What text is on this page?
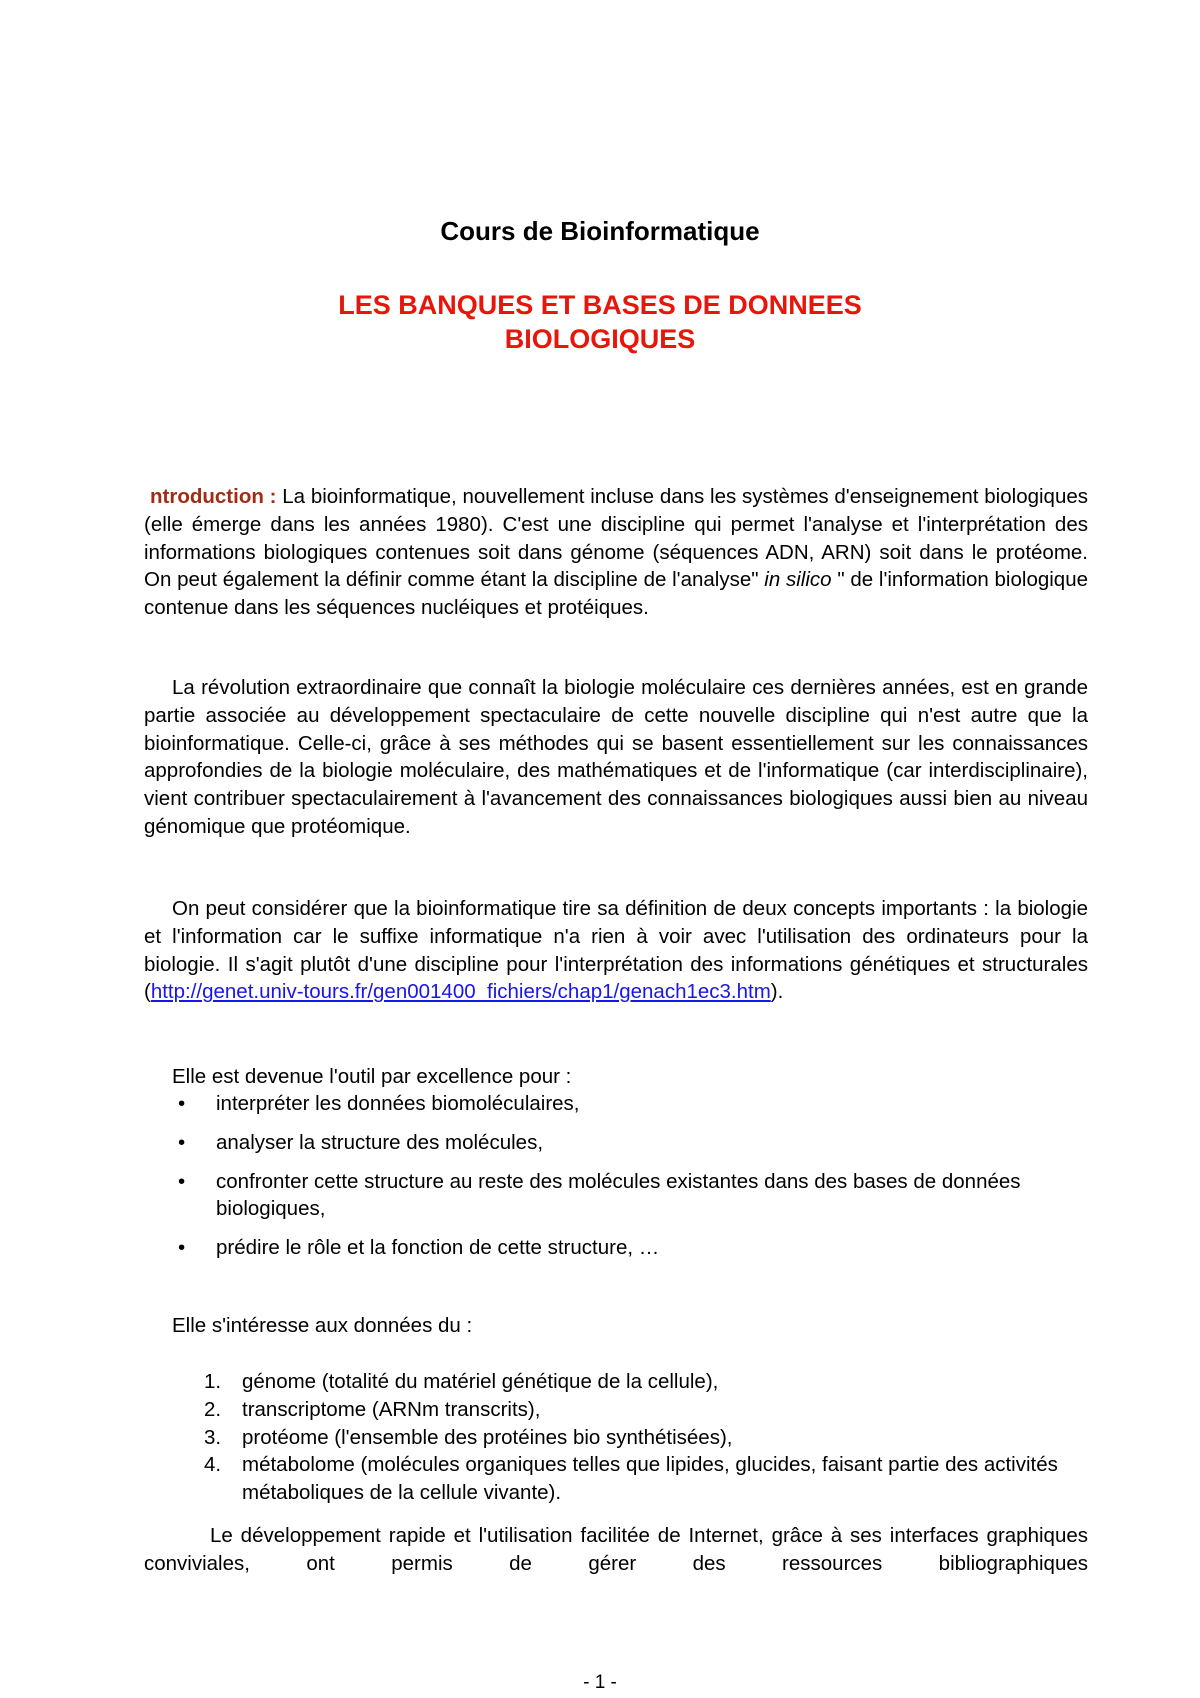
Cours de Bioinformatique
LES BANQUES ET BASES DE DONNEES
BIOLOGIQUES

ntroduction : La bioinformatique, nouvellement incluse dans les systèmes d'enseignement biologiques (elle émerge dans les années 1980). C'est une discipline qui permet l'analyse et l'interprétation des informations biologiques contenues soit dans génome (séquences ADN, ARN) soit dans le protéome. On peut également la définir comme étant la discipline de l'analyse" in silico " de l'information biologique contenue dans les séquences nucléiques et protéiques.

La révolution extraordinaire que connaît la biologie moléculaire ces dernières années, est en grande partie associée au développement spectaculaire de cette nouvelle discipline qui n'est autre que la bioinformatique. Celle-ci, grâce à ses méthodes qui se basent essentiellement sur les connaissances approfondies de la biologie moléculaire, des mathématiques et de l'informatique (car interdisciplinaire), vient contribuer spectaculairement à l'avancement des connaissances biologiques aussi bien au niveau génomique que protéomique.

On peut considérer que la bioinformatique tire sa définition de deux concepts importants : la biologie et l'information car le suffixe informatique n'a rien à voir avec l'utilisation des ordinateurs pour la biologie. Il s'agit plutôt d'une discipline pour l'interprétation des informations génétiques et structurales (http://genet.univ-tours.fr/gen001400_fichiers/chap1/genach1ec3.htm).

Elle est devenue l'outil par excellence pour :

• interpréter les données biomoléculaires,
• analyser la structure des molécules,
• confronter cette structure au reste des molécules existantes dans des bases de données biologiques,
• prédire le rôle et la fonction de cette structure, …

Elle s'intéresse aux données du :

1. génome (totalité du matériel génétique de la cellule),
2. transcriptome (ARNm transcrits),
3. protéome (l'ensemble des protéines bio synthétisées),
4. métabolome (molécules organiques telles que lipides, glucides, faisant partie des activités métaboliques de la cellule vivante).

Le développement rapide et l'utilisation facilitée de Internet, grâce à ses interfaces graphiques conviviales, ont permis de gérer des ressources bibliographiques

- 1 -
